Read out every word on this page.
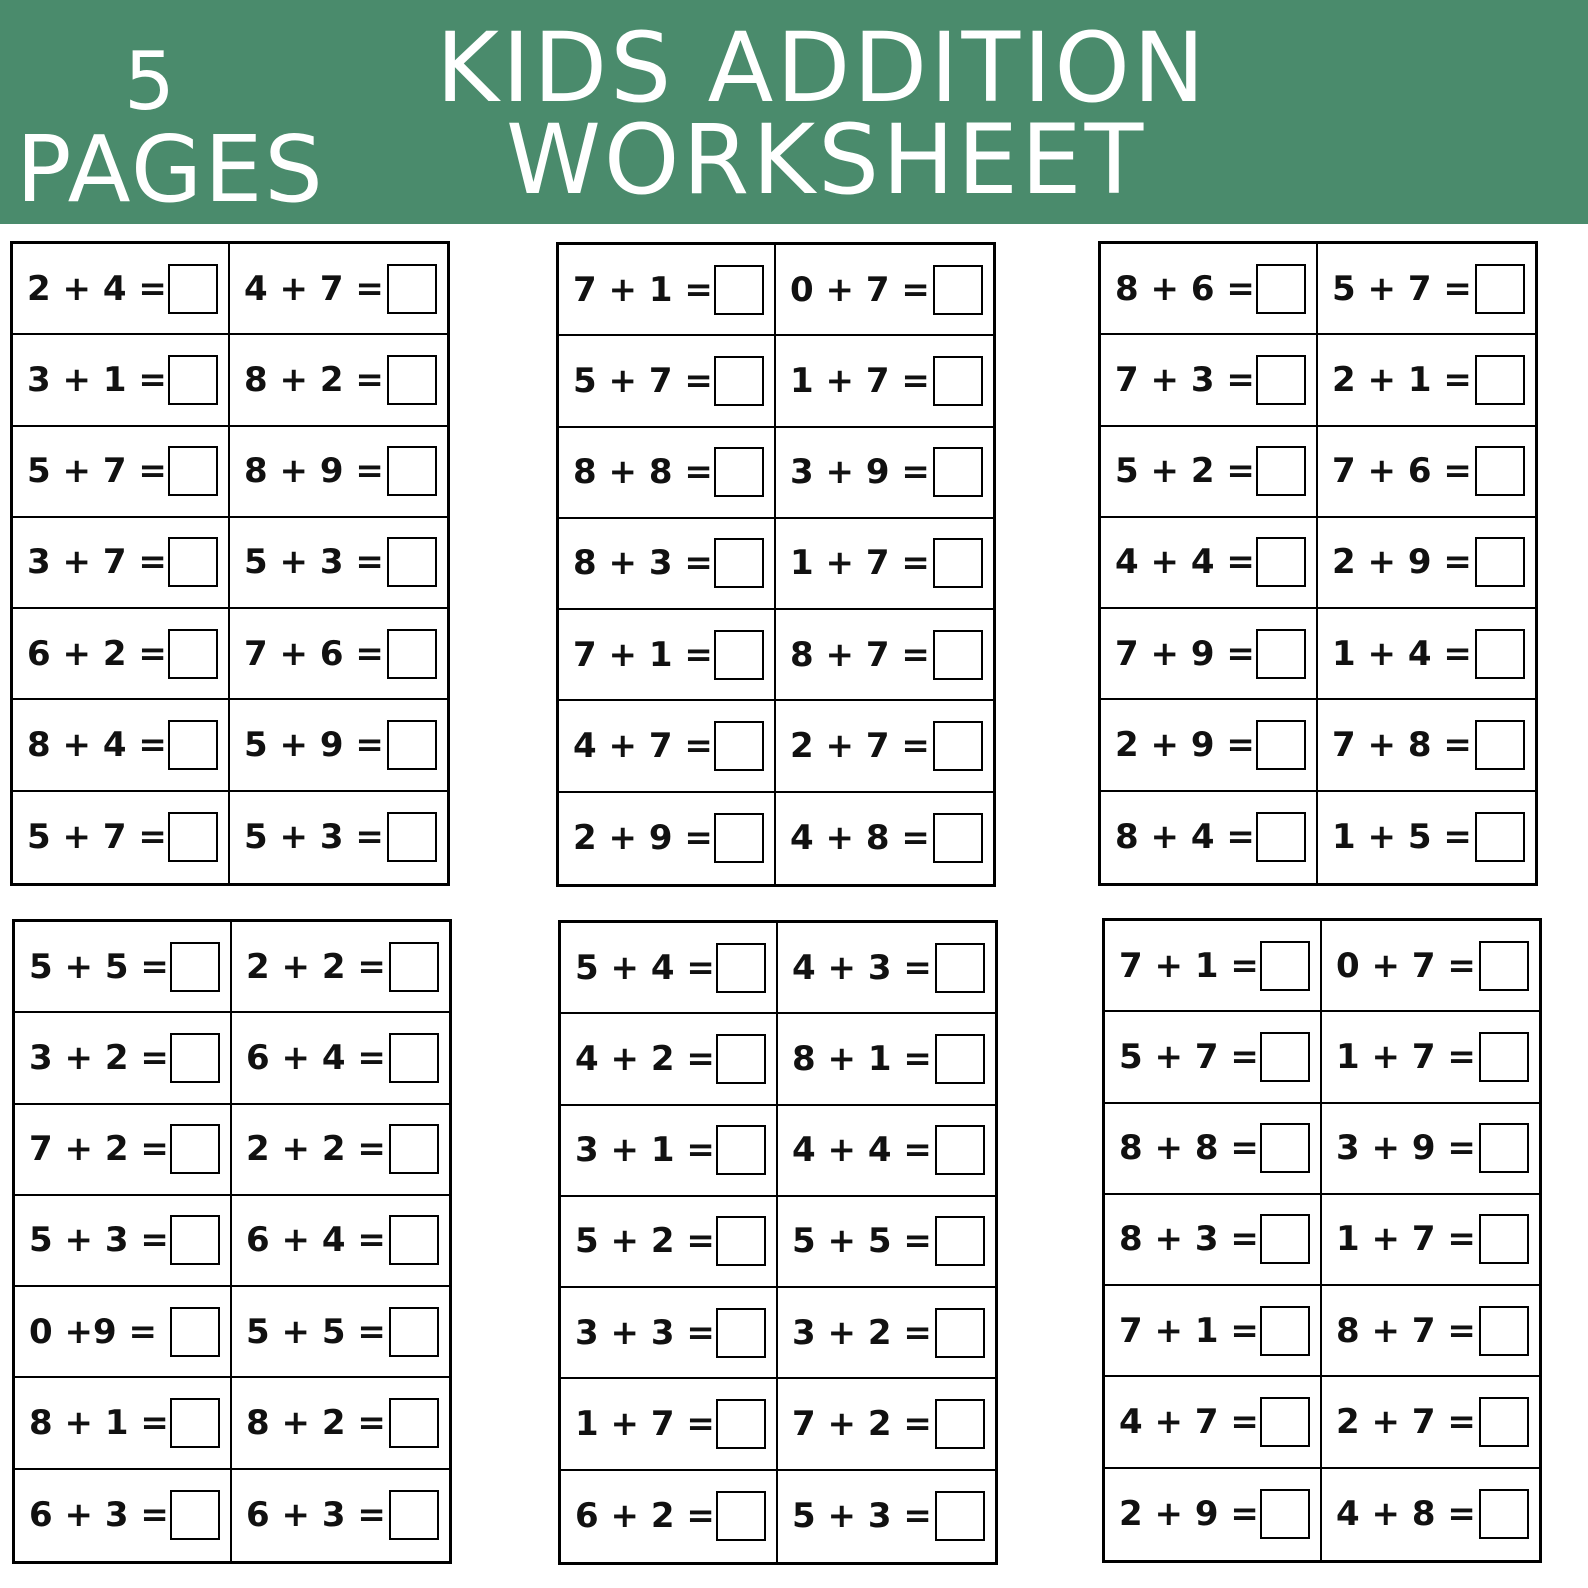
5
PAGES
KIDS ADDITION
WORKSHEET
2 + 4 = 4 + 7 =
3 + 1 = 8 + 2 =
5 + 7 = 8 + 9 =
3 + 7 = 5 + 3 =
6 + 2 = 7 + 6 =
8 + 4 = 5 + 9 =
5 + 7 = 5 + 3 =
7 + 1 = 0 + 7 =
5 + 7 = 1 + 7 =
8 + 8 = 3 + 9 =
8 + 3 = 1 + 7 =
7 + 1 = 8 + 7 =
4 + 7 = 2 + 7 =
2 + 9 = 4 + 8 =
8 + 6 = 5 + 7 =
7 + 3 = 2 + 1 =
5 + 2 = 7 + 6 =
4 + 4 = 2 + 9 =
7 + 9 = 1 + 4 =
2 + 9 = 7 + 8 =
8 + 4 = 1 + 5 =
5 + 5 = 2 + 2 =
3 + 2 = 6 + 4 =
7 + 2 = 2 + 2 =
5 + 3 = 6 + 4 =
0 +9 =	5 + 5 =
8 + 1 = 8 + 2 =
6 + 3 = 6 + 3 =
5 + 4 = 4 + 3 =
4 + 2 = 8 + 1 =
3 + 1 = 4 + 4 =
5 + 2 = 5 + 5 =
3 + 3 = 3 + 2 =
1 + 7 = 7 + 2 =
6 + 2 = 5 + 3 =
7 + 1 = 0 + 7 =
5 + 7 = 1 + 7 =
8 + 8 = 3 + 9 =
8 + 3 = 1 + 7 =
7 + 1 = 8 + 7 =
4 + 7 = 2 + 7 =
2 + 9 = 4 + 8 =
